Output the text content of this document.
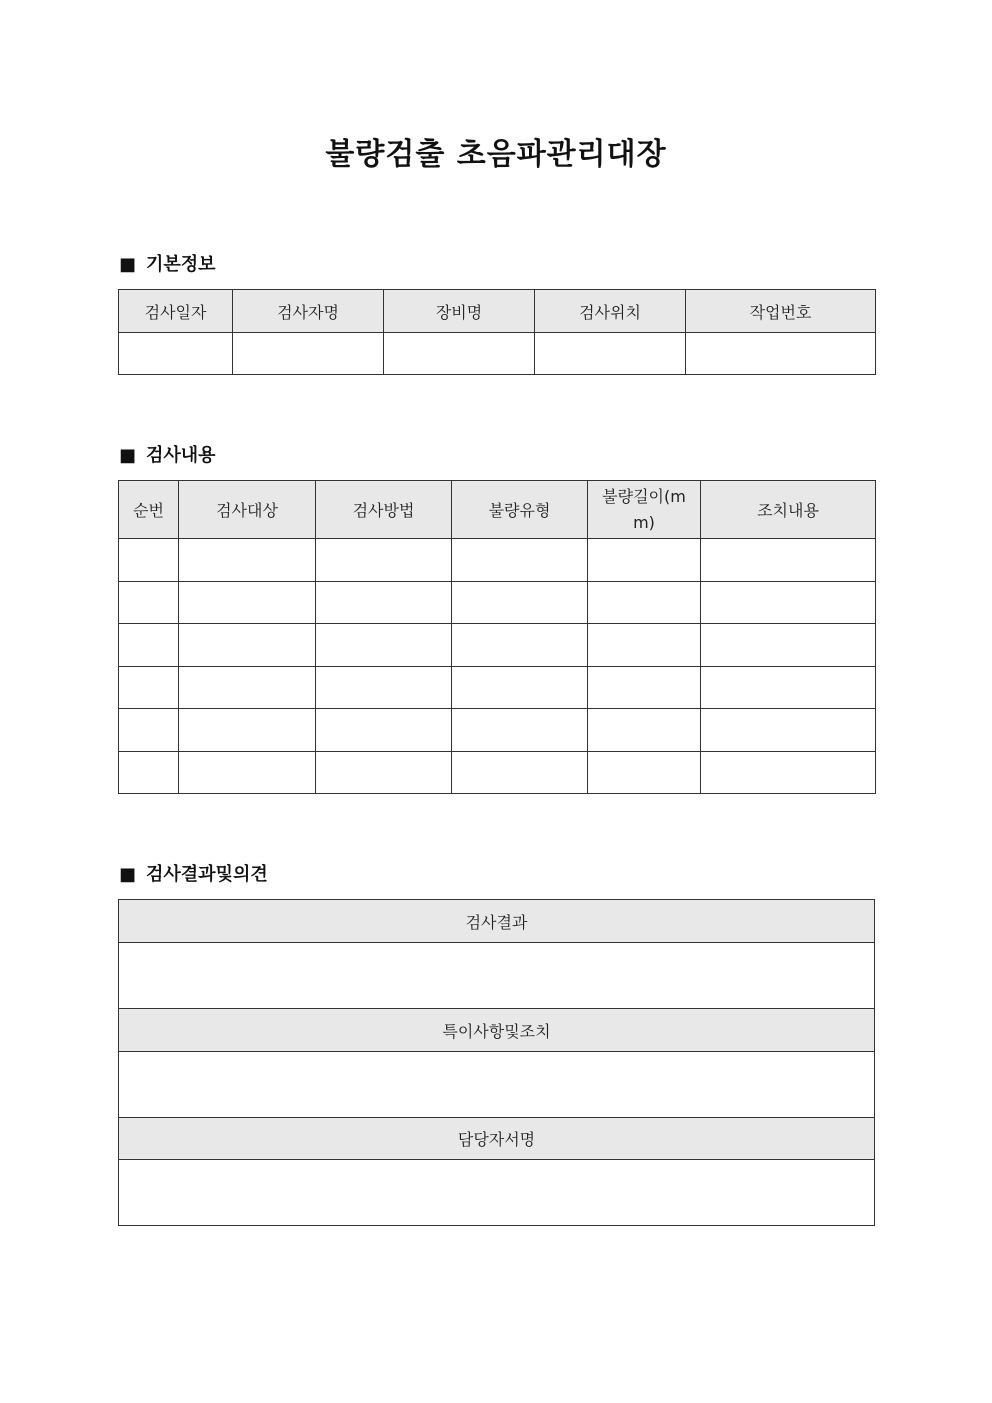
불량검출 초음파관리대장
■ 기본정보
검사일자	검사자명	장비명	검사위치	작업번호

■ 검사내용
순번	검사대상	검사방법	불량유형	불량길이(mm)	조치내용

■ 검사결과및의견
검사결과

특이사항및조치

담당자서명
